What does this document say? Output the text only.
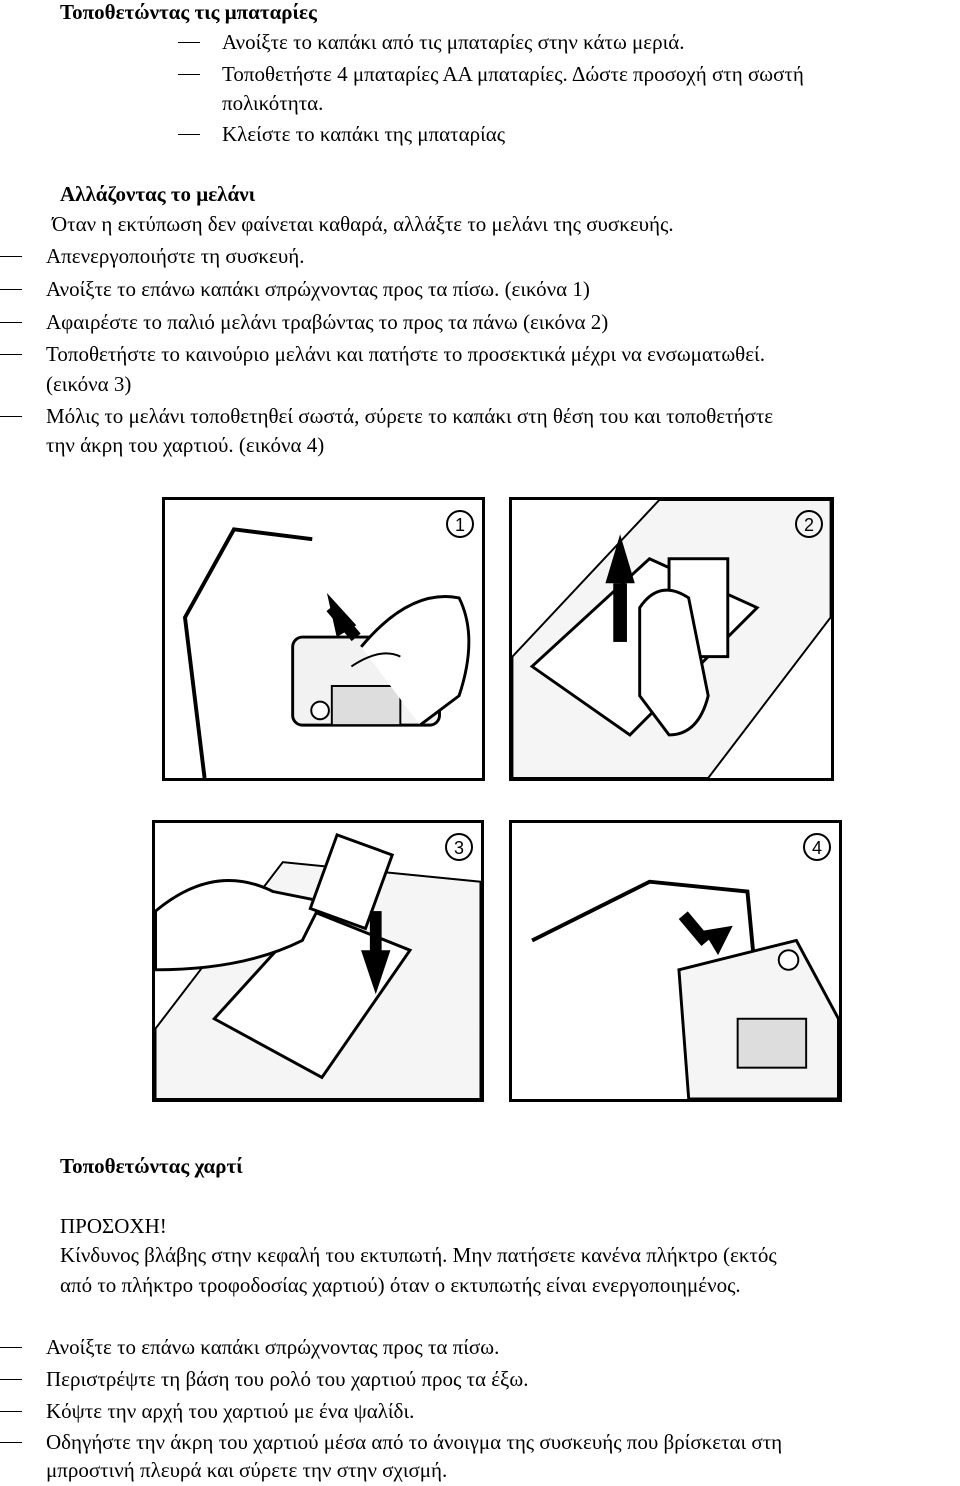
Τοποθετώντας τις μπαταρίες
Ανοίξτε το καπάκι από τις μπαταρίες στην κάτω μεριά.
Τοποθετήστε 4 μπαταρίες ΑΑ μπαταρίες. Δώστε προσοχή στη σωστή
πολικότητα.
Κλείστε το καπάκι της μπαταρίας
Αλλάζοντας το μελάνι
Όταν η εκτύπωση δεν φαίνεται καθαρά, αλλάξτε το μελάνι της συσκευής.
Απενεργοποιήστε τη συσκευή.
Ανοίξτε το επάνω καπάκι σπρώχνοντας προς τα πίσω. (εικόνα 1)
Αφαιρέστε το παλιό μελάνι τραβώντας το προς τα πάνω (εικόνα 2)
Τοποθετήστε το καινούριο μελάνι και πατήστε το προσεκτικά μέχρι να ενσωματωθεί.
(εικόνα 3)
Μόλις το μελάνι τοποθετηθεί σωστά, σύρετε το καπάκι στη θέση του και τοποθετήστε
την άκρη του χαρτιού. (εικόνα 4)
1	2
3	4
Τοποθετώντας χαρτί
ΠΡΟΣΟΧΗ!
Κίνδυνος βλάβης στην κεφαλή του εκτυπωτή. Μην πατήσετε κανένα πλήκτρο (εκτός
από το πλήκτρο τροφοδοσίας χαρτιού) όταν ο εκτυπωτής είναι ενεργοποιημένος.
Ανοίξτε το επάνω καπάκι σπρώχνοντας προς τα πίσω.
Περιστρέψτε τη βάση του ρολό του χαρτιού προς τα έξω.
Κόψτε την αρχή του χαρτιού με ένα ψαλίδι.
Οδηγήστε την άκρη του χαρτιού μέσα από το άνοιγμα της συσκευής που βρίσκεται στη
μπροστινή πλευρά και σύρετε την στην σχισμή.
